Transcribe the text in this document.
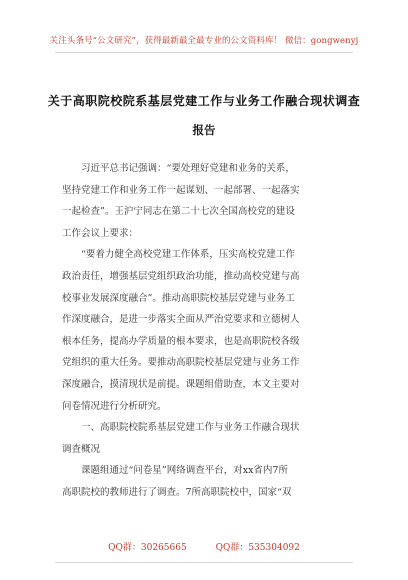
关注头条号“公文研究”，获得最新最全最专业的公文资料库！ 微信：gongwenyj
关于高职院校院系基层党建工作与业务工作融合现状调查
报告
习近平总书记强调：“要处理好党建和业务的关系，
坚持党建工作和业务工作一起谋划、一起部署、一起落实
一起检查”。王沪宁同志在第二十七次全国高校党的建设
工作会议上要求：
“要着力健全高校党建工作体系，压实高校党建工作
政治责任，增强基层党组织政治功能，推动高校党建与高
校事业发展深度融合”。推动高职院校基层党建与业务工
作深度融合，是进一步落实全面从严治党要求和立德树人
根本任务，提高办学质量的根本要求，也是高职院校各级
党组织的重大任务。要推动高职院校基层党建与业务工作
深度融合，摸清现状是前提。课题组借助查，本文主要对
问卷情况进行分析研究。
一、高职院校院系基层党建工作与业务工作融合现状
调查概况
课题组通过“问卷星”网络调查平台，对xx省内7所
高职院校的教师进行了调查。7所高职院校中，国家“双
QQ群：30265665	QQ群：535304092
